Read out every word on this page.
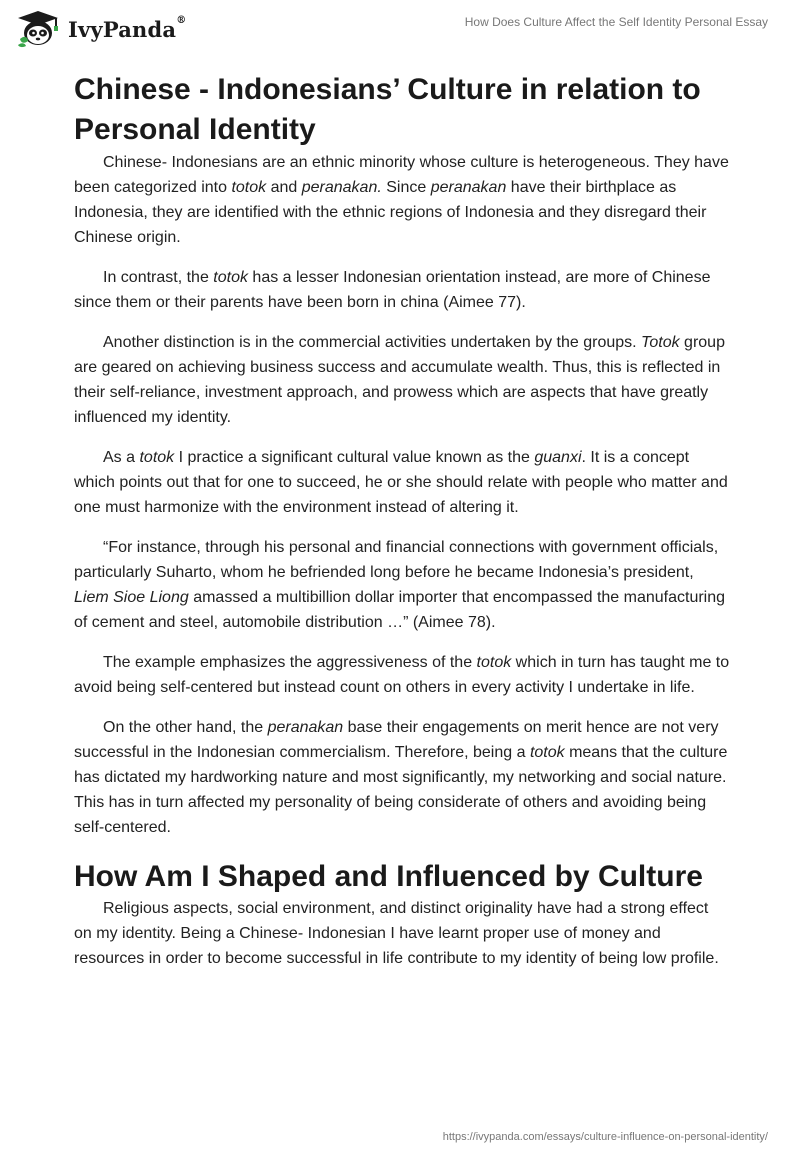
IvyPanda®	How Does Culture Affect the Self Identity Personal Essay
Chinese - Indonesians’ Culture in relation to Personal Identity

Chinese- Indonesians are an ethnic minority whose culture is heterogeneous. They have been categorized into totok and peranakan. Since peranakan have their birthplace as Indonesia, they are identified with the ethnic regions of Indonesia and they disregard their Chinese origin.

In contrast, the totok has a lesser Indonesian orientation instead, are more of Chinese since them or their parents have been born in china (Aimee 77).

Another distinction is in the commercial activities undertaken by the groups. Totok group are geared on achieving business success and accumulate wealth. Thus, this is reflected in their self-reliance, investment approach, and prowess which are aspects that have greatly influenced my identity.

As a totok I practice a significant cultural value known as the guanxi. It is a concept which points out that for one to succeed, he or she should relate with people who matter and one must harmonize with the environment instead of altering it.

“For instance, through his personal and financial connections with government officials, particularly Suharto, whom he befriended long before he became Indonesia’s president, Liem Sioe Liong amassed a multibillion dollar importer that encompassed the manufacturing of cement and steel, automobile distribution …” (Aimee 78).

The example emphasizes the aggressiveness of the totok which in turn has taught me to avoid being self-centered but instead count on others in every activity I undertake in life.

On the other hand, the peranakan base their engagements on merit hence are not very successful in the Indonesian commercialism. Therefore, being a totok means that the culture has dictated my hardworking nature and most significantly, my networking and social nature. This has in turn affected my personality of being considerate of others and avoiding being self-centered.

How Am I Shaped and Influenced by Culture

Religious aspects, social environment, and distinct originality have had a strong effect on my identity. Being a Chinese- Indonesian I have learnt proper use of money and resources in order to become successful in life contribute to my identity of being low profile.

https://ivypanda.com/essays/culture-influence-on-personal-identity/
